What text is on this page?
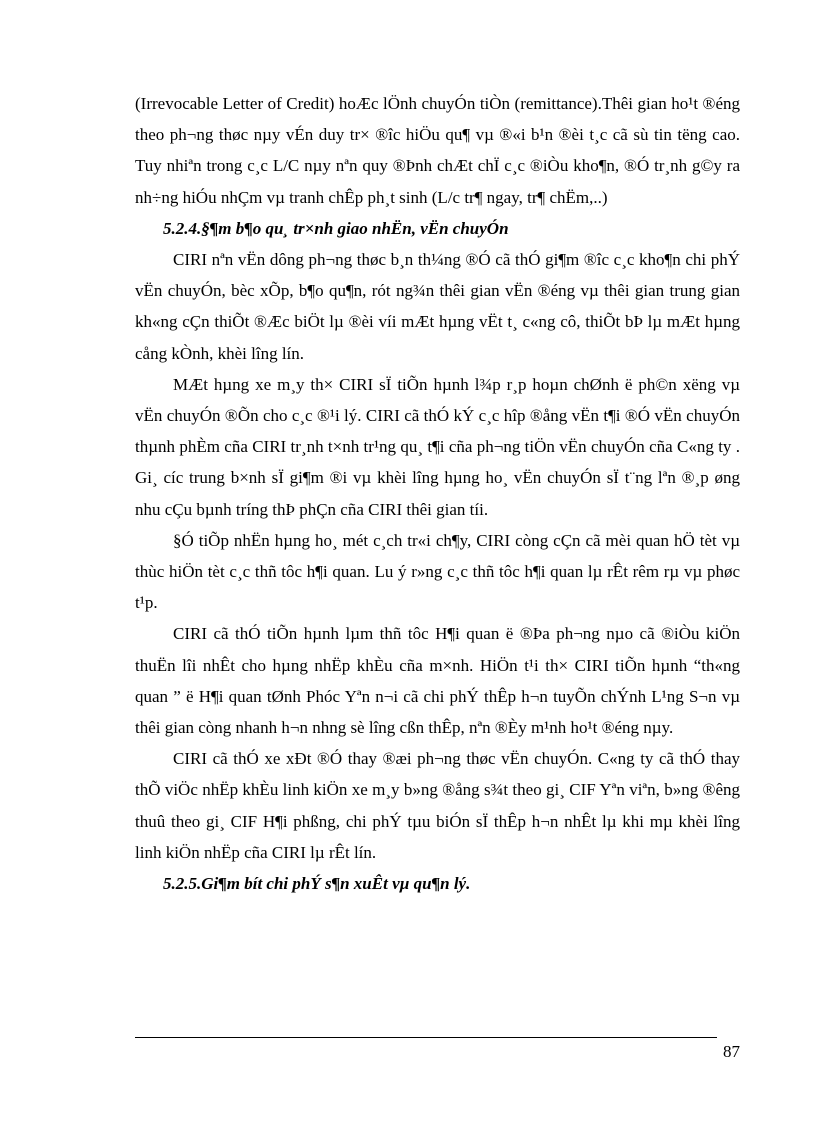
(Irrevocable Letter of Credit) hoÆc lÖnh chuyÓn tiÒn (remittance).Thêi gian ho¹t ®éng theo ph¬ng thøc nµy vÉn duy tr× ®îc hiÖu qu¶ vµ ®«i b¹n ®èi t¸c cã sù tin tëng cao. Tuy nhiªn trong c¸c L/C nµy nªn quy ®Þnh chÆt chÏ c¸c ®iÒu kho¶n, ®Ó tr¸nh g©y ra nh÷ng hiÓu nhÇm vµ tranh chÊp ph¸t sinh (L/c tr¶ ngay, tr¶ chËm,..)

5.2.4.§¶m b¶o qu¸ tr×nh giao nhËn, vËn chuyÓn

CIRI nªn vËn dông ph¬ng thøc b¸n th¼ng ®Ó cã thÓ gi¶m ®îc c¸c kho¶n chi phÝ vËn chuyÓn, bèc xÕp, b¶o qu¶n, rót ng¾n thêi gian vËn ®éng vµ thêi gian trung gian kh«ng cÇn thiÕt ®Æc biÖt lµ ®èi víi mÆt hµng vËt t¸ c«ng cô, thiÕt bÞ lµ mÆt hµng cång kÒnh, khèi lîng lín.

MÆt hµng xe m¸y th× CIRI sÏ tiÕn hµnh l¾p r¸p hoµn chØnh ë ph©n xëng vµ vËn chuyÓn ®Õn cho c¸c ®¹i lý. CIRI cã thÓ kÝ c¸c hîp ®ång vËn t¶i ®Ó vËn chuyÓn thµnh phÈm cña CIRI tr¸nh t×nh tr¹ng qu¸ t¶i cña ph¬ng tiÖn vËn chuyÓn cña C«ng ty . Gi¸ cíc trung b×nh sÏ gi¶m ®i vµ khèi lîng hµng ho¸ vËn chuyÓn sÏ t¨ng lªn ®¸p øng nhu cÇu bµnh tríng thÞ phÇn cña CIRI thêi gian tíi.

§Ó tiÕp nhËn hµng ho¸ mét c¸ch tr«i ch¶y, CIRI còng cÇn cã mèi quan hÖ tèt vµ thùc hiÖn tèt c¸c thñ tôc h¶i quan. Lu ý r»ng c¸c thñ tôc h¶i quan lµ rÊt rêm rµ vµ phøc t¹p.

CIRI cã thÓ tiÕn hµnh lµm thñ tôc H¶i quan ë ®Þa ph¬ng nµo cã ®iÒu kiÖn thuËn lîi nhÊt cho hµng nhËp khÈu cña m×nh. HiÖn t¹i th× CIRI tiÕn hµnh “th«ng quan ” ë H¶i quan tØnh Phóc Yªn n¬i cã chi phÝ thÊp h¬n tuyÕn chÝnh L¹ng S¬n vµ thêi gian còng nhanh h¬n nhng sè lîng cßn thÊp, nªn ®Èy m¹nh ho¹t ®éng nµy.

CIRI cã thÓ xe xÐt ®Ó thay ®æi ph¬ng thøc vËn chuyÓn. C«ng ty cã thÓ thay thÕ viÖc nhËp khÈu linh kiÖn xe m¸y b»ng ®ång s¾t theo gi¸ CIF Yªn viªn, b»ng ®êng thuû theo gi¸ CIF H¶i phßng, chi phÝ tµu biÓn sÏ thÊp h¬n nhÊt lµ khi mµ khèi lîng linh kiÖn nhËp cña CIRI lµ rÊt lín.

5.2.5.Gi¶m bít chi phÝ s¶n xuÊt vµ qu¶n lý.

87
